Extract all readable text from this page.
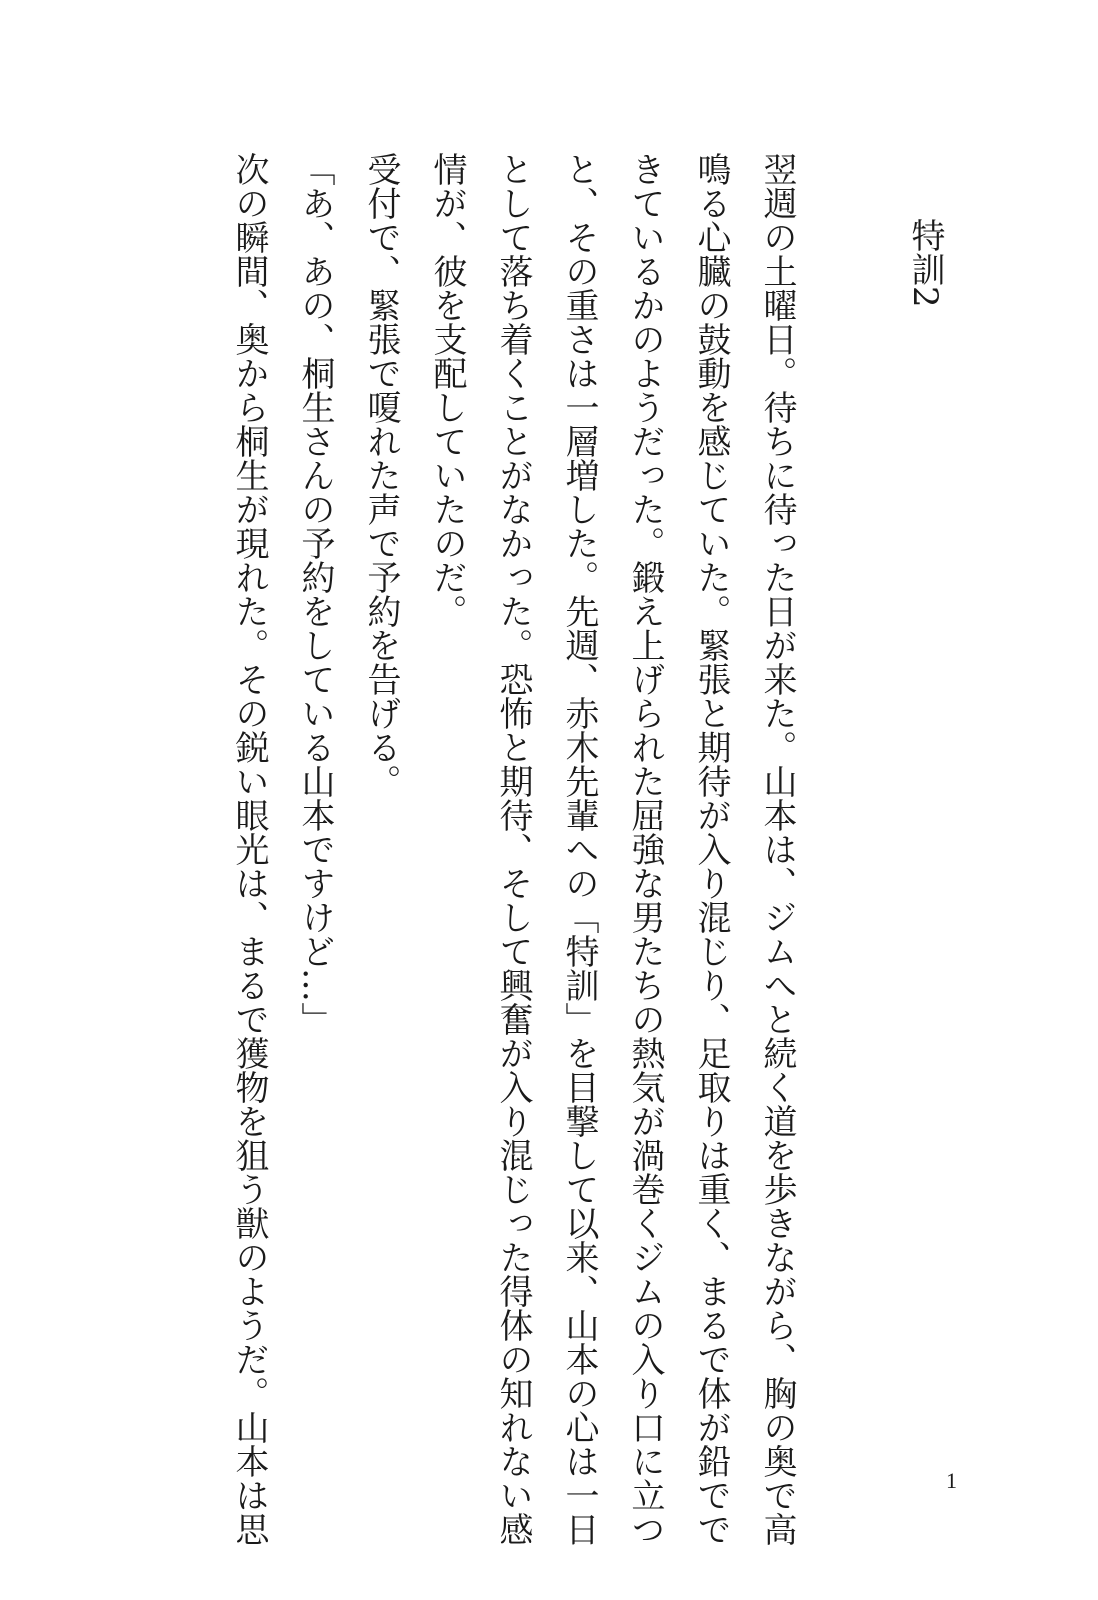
特訓2

翌週の土曜日。待ちに待った日が来た。山本は、ジムへと続く道を歩きながら、胸の奥で高

鳴る心臓の鼓動を感じていた。緊張と期待が入り混じり、足取りは重く、まるで体が鉛でで

きているかのようだった。鍛え上げられた屈強な男たちの熱気が渦巻くジムの入り口に立つ

と、その重さは一層増した。先週、赤木先輩への「特訓」を目撃して以来、山本の心は一日

として落ち着くことがなかった。恐怖と期待、そして興奮が入り混じった得体の知れない感

情が、彼を支配していたのだ。

受付で、緊張で嗄れた声で予約を告げる。

「あ、あの、桐生さんの予約をしている山本ですけど…」

次の瞬間、奥から桐生が現れた。その鋭い眼光は、まるで獲物を狙う獣のようだ。山本は思	1
